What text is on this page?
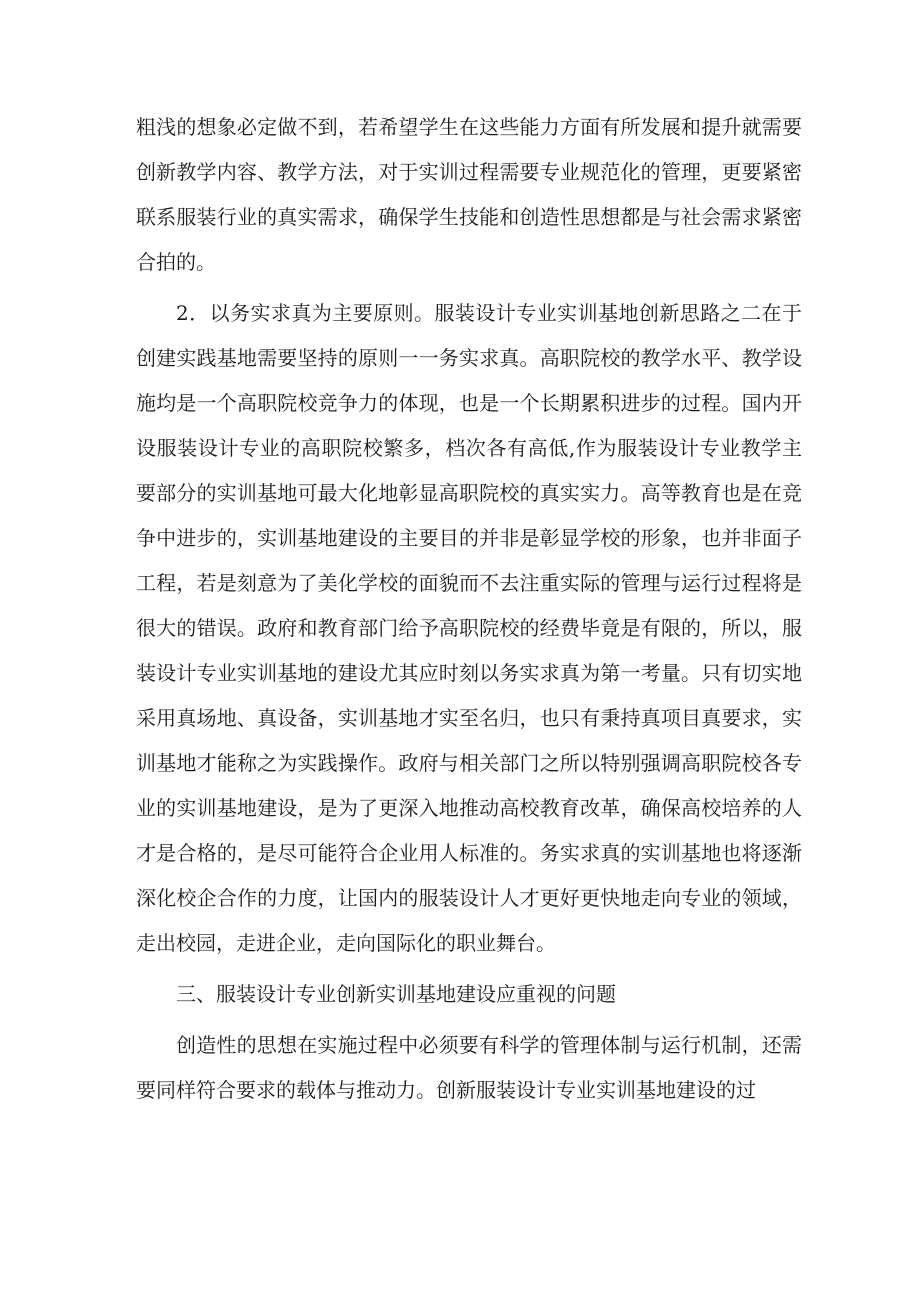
粗浅的想象必定做不到，若希望学生在这些能力方面有所发展和提升就需要创新教学内容、教学方法，对于实训过程需要专业规范化的管理，更要紧密联系服装行业的真实需求，确保学生技能和创造性思想都是与社会需求紧密合拍的。

2．以务实求真为主要原则。服装设计专业实训基地创新思路之二在于创建实践基地需要坚持的原则一一务实求真。高职院校的教学水平、教学设施均是一个高职院校竞争力的体现，也是一个长期累积进步的过程。国内开设服装设计专业的高职院校繁多，档次各有高低,作为服装设计专业教学主要部分的实训基地可最大化地彰显高职院校的真实实力。高等教育也是在竞争中进步的，实训基地建设的主要目的并非是彰显学校的形象，也并非面子工程，若是刻意为了美化学校的面貌而不去注重实际的管理与运行过程将是很大的错误。政府和教育部门给予高职院校的经费毕竟是有限的，所以，服装设计专业实训基地的建设尤其应时刻以务实求真为第一考量。只有切实地采用真场地、真设备，实训基地才实至名归，也只有秉持真项目真要求，实训基地才能称之为实践操作。政府与相关部门之所以特别强调高职院校各专业的实训基地建设，是为了更深入地推动高校教育改革，确保高校培养的人才是合格的，是尽可能符合企业用人标准的。务实求真的实训基地也将逐渐深化校企合作的力度，让国内的服装设计人才更好更快地走向专业的领域，走出校园，走进企业，走向国际化的职业舞台。

三、服装设计专业创新实训基地建设应重视的问题

创造性的思想在实施过程中必须要有科学的管理体制与运行机制，还需要同样符合要求的载体与推动力。创新服装设计专业实训基地建设的过
